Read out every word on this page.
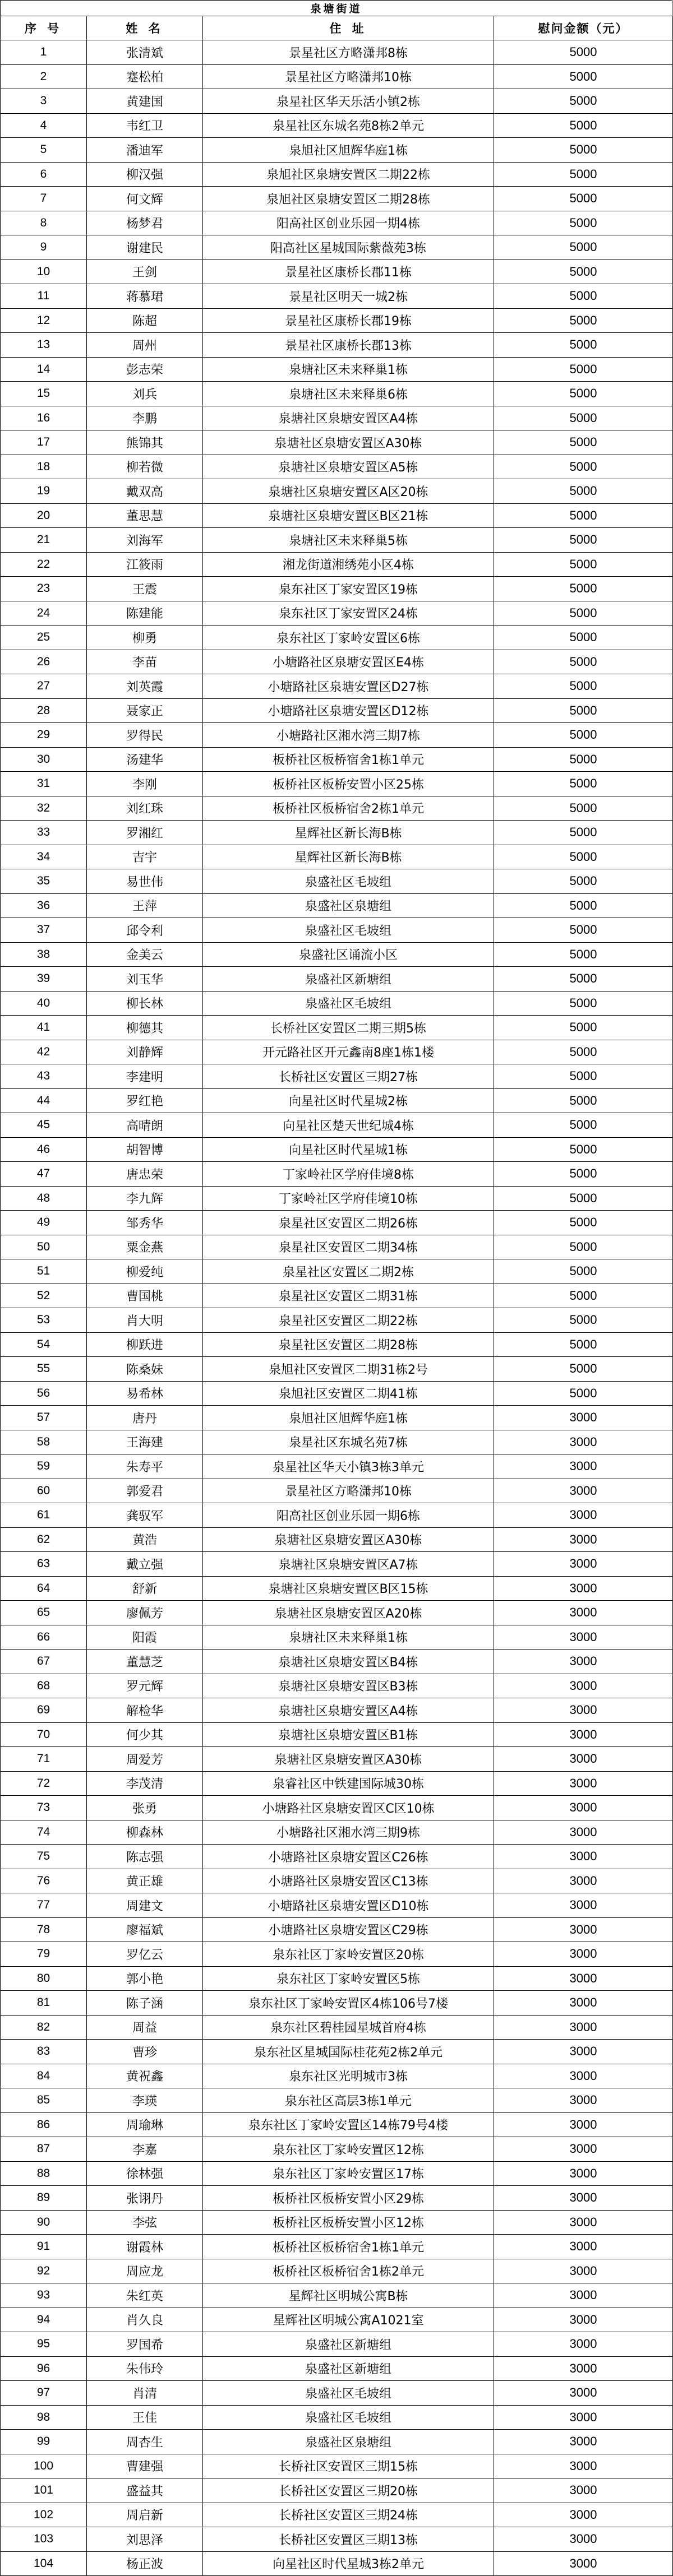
泉塘街道
序 号	姓 名	住 址	慰问金额（元）
1	张清斌	景星社区方略潇邦8栋	5000
2	蹇松柏	景星社区方略潇邦10栋	5000
3	黄建国	泉星社区华天乐活小镇2栋	5000
4	韦红卫	泉星社区东城名苑8栋2单元	5000
5	潘迪军	泉旭社区旭辉华庭1栋	5000
6	柳汉强	泉旭社区泉塘安置区二期22栋	5000
7	何文辉	泉旭社区泉塘安置区二期28栋	5000
8	杨梦君	阳高社区创业乐园一期4栋	5000
9	谢建民	阳高社区星城国际紫薇苑3栋	5000
10	王剑	景星社区康桥长郡11栋	5000
11	蒋慕珺	景星社区明天一城2栋	5000
12	陈超	景星社区康桥长郡19栋	5000
13	周州	景星社区康桥长郡13栋	5000
14	彭志荣	泉塘社区未来释巢1栋	5000
15	刘兵	泉塘社区未来释巢6栋	5000
16	李鹏	泉塘社区泉塘安置区A4栋	5000
17	熊锦其	泉塘社区泉塘安置区A30栋	5000
18	柳若微	泉塘社区泉塘安置区A5栋	5000
19	戴双高	泉塘社区泉塘安置区A区20栋	5000
20	董思慧	泉塘社区泉塘安置区B区21栋	5000
21	刘海军	泉塘社区未来释巢5栋	5000
22	江筱雨	湘龙街道湘绣苑小区4栋	5000
23	王震	泉东社区丁家安置区19栋	5000
24	陈建能	泉东社区丁家安置区24栋	5000
25	柳勇	泉东社区丁家岭安置区6栋	5000
26	李苗	小塘路社区泉塘安置区E4栋	5000
27	刘英霞	小塘路社区泉塘安置区D27栋	5000
28	聂家正	小塘路社区泉塘安置区D12栋	5000
29	罗得民	小塘路社区湘水湾三期7栋	5000
30	汤建华	板桥社区板桥宿舍1栋1单元	5000
31	李刚	板桥社区板桥安置小区25栋	5000
32	刘红珠	板桥社区板桥宿舍2栋1单元	5000
33	罗湘红	星辉社区新长海B栋	5000
34	吉宇	星辉社区新长海B栋	5000
35	易世伟	泉盛社区毛坡组	5000
36	王萍	泉盛社区泉塘组	5000
37	邱令利	泉盛社区毛坡组	5000
38	金美云	泉盛社区诵流小区	5000
39	刘玉华	泉盛社区新塘组	5000
40	柳长林	泉盛社区毛坡组	5000
41	柳德其	长桥社区安置区二期三期5栋	5000
42	刘静辉	开元路社区开元鑫南8座1栋1楼	5000
43	李建明	长桥社区安置区三期27栋	5000
44	罗红艳	向星社区时代星城2栋	5000
45	高晴朗	向星社区楚天世纪城4栋	5000
46	胡智博	向星社区时代星城1栋	5000
47	唐忠荣	丁家岭社区学府佳境8栋	5000
48	李九辉	丁家岭社区学府佳境10栋	5000
49	邹秀华	泉星社区安置区二期26栋	5000
50	粟金燕	泉星社区安置区二期34栋	5000
51	柳爱纯	泉星社区安置区二期2栋	5000
52	曹国桃	泉星社区安置区二期31栋	5000
53	肖大明	泉星社区安置区二期22栋	5000
54	柳跃进	泉星社区安置区二期28栋	5000
55	陈桑妹	泉旭社区安置区二期31栋2号	5000
56	易希林	泉旭社区安置区二期41栋	5000
57	唐丹	泉旭社区旭辉华庭1栋	3000
58	王海建	泉星社区东城名苑7栋	3000
59	朱寿平	泉星社区华天小镇3栋3单元	3000
60	郭爱君	景星社区方略潇邦10栋	3000
61	龚驭军	阳高社区创业乐园一期6栋	3000
62	黄浩	泉塘社区泉塘安置区A30栋	3000
63	戴立强	泉塘社区泉塘安置区A7栋	3000
64	舒新	泉塘社区泉塘安置区B区15栋	3000
65	廖佩芳	泉塘社区泉塘安置区A20栋	3000
66	阳霞	泉塘社区未来释巢1栋	3000
67	董慧芝	泉塘社区泉塘安置区B4栋	3000
68	罗元辉	泉塘社区泉塘安置区B3栋	3000
69	解检华	泉塘社区泉塘安置区A4栋	3000
70	何少其	泉塘社区泉塘安置区B1栋	3000
71	周爱芳	泉塘社区泉塘安置区A30栋	3000
72	李茂清	泉睿社区中铁建国际城30栋	3000
73	张勇	小塘路社区泉塘安置区C区10栋	3000
74	柳森林	小塘路社区湘水湾三期9栋	3000
75	陈志强	小塘路社区泉塘安置区C26栋	3000
76	黄正雄	小塘路社区泉塘安置区C13栋	3000
77	周建文	小塘路社区泉塘安置区D10栋	3000
78	廖福斌	小塘路社区泉塘安置区C29栋	3000
79	罗亿云	泉东社区丁家岭安置区20栋	3000
80	郭小艳	泉东社区丁家岭安置区5栋	3000
81	陈子涵	泉东社区丁家岭安置区4栋106号7楼	3000
82	周益	泉东社区碧桂园星城首府4栋	3000
83	曹珍	泉东社区星城国际桂花苑2栋2单元	3000
84	黄祝鑫	泉东社区光明城市3栋	3000
85	李瑛	泉东社区高层3栋1单元	3000
86	周瑜琳	泉东社区丁家岭安置区14栋79号4楼	3000
87	李嘉	泉东社区丁家岭安置区12栋	3000
88	徐林强	泉东社区丁家岭安置区17栋	3000
89	张诩丹	板桥社区板桥安置小区29栋	3000
90	李弦	板桥社区板桥安置小区12栋	3000
91	谢霞林	板桥社区板桥宿舍1栋1单元	3000
92	周应龙	板桥社区板桥宿舍1栋2单元	3000
93	朱红英	星辉社区明城公寓B栋	3000
94	肖久良	星辉社区明城公寓A1021室	3000
95	罗国希	泉盛社区新塘组	3000
96	朱伟玲	泉盛社区新塘组	3000
97	肖清	泉盛社区毛坡组	3000
98	王佳	泉盛社区毛坡组	3000
99	周杏生	泉盛社区泉塘组	3000
100	曹建强	长桥社区安置区三期15栋	3000
101	盛益其	长桥社区安置区三期20栋	3000
102	周启新	长桥社区安置区三期24栋	3000
103	刘思泽	长桥社区安置区三期13栋	3000
104	杨正波	向星社区时代星城3栋2单元	3000
